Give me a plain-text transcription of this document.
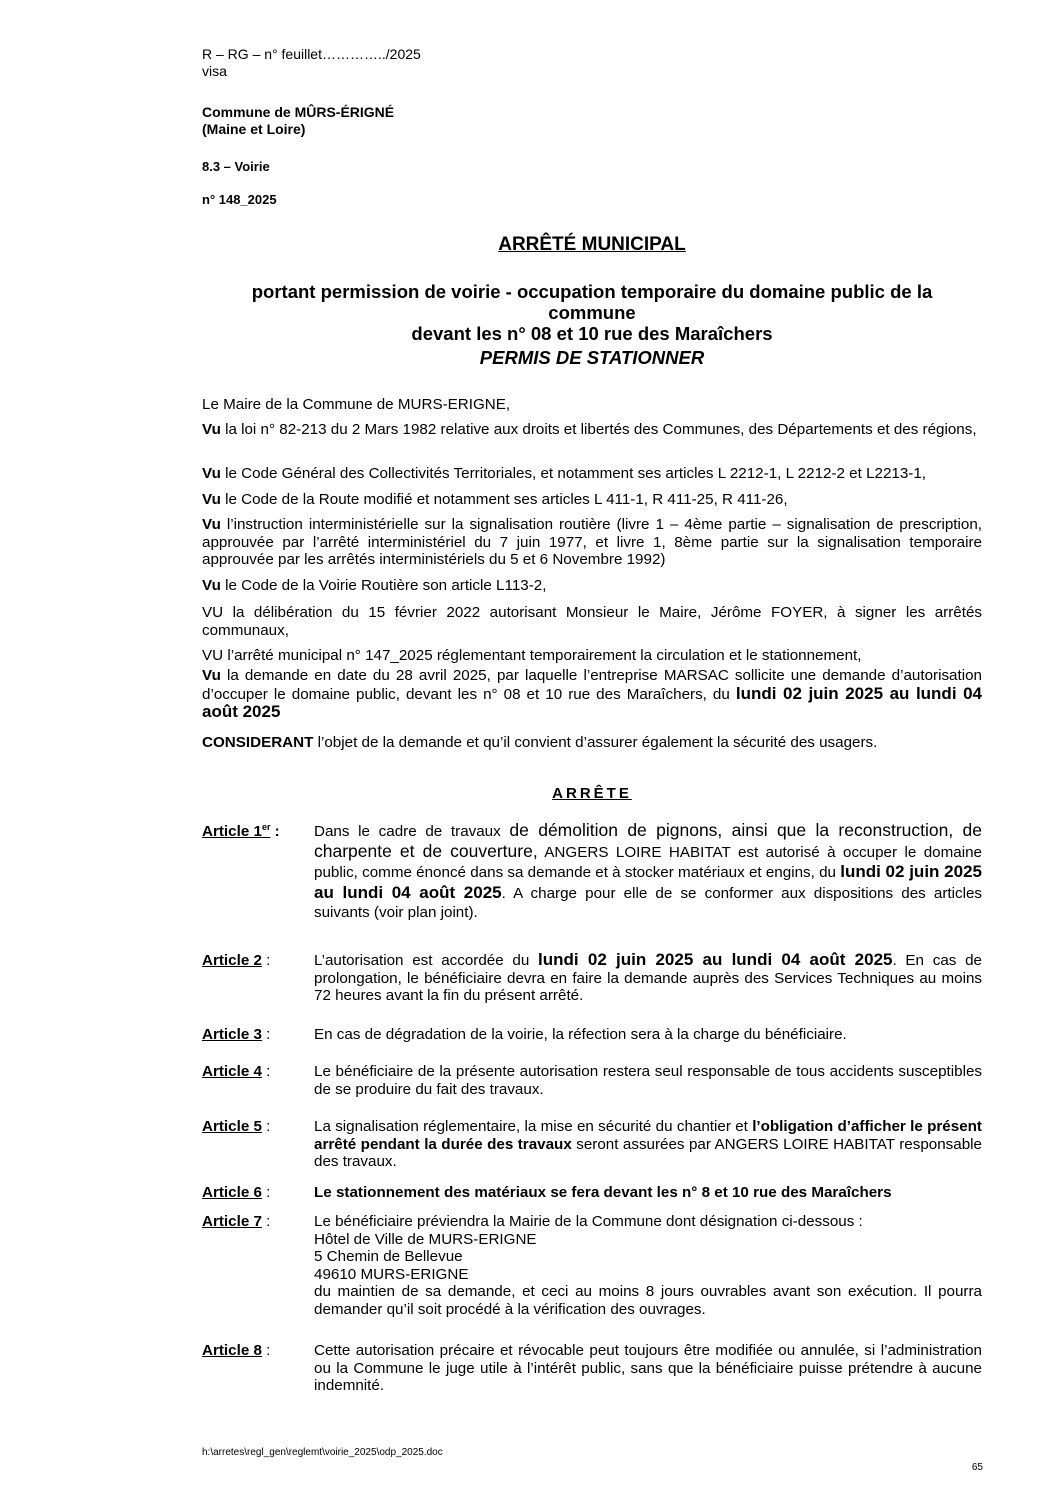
R – RG – n° feuillet…………../2025
visa
Commune de MÛRS-ÉRIGNÉ
(Maine et Loire)
8.3 – Voirie
n° 148_2025
ARRÊTÉ MUNICIPAL
portant permission de voirie - occupation temporaire du domaine public de la
commune
devant les n° 08 et 10 rue des Maraîchers
PERMIS DE STATIONNER
Le Maire de la Commune de MURS-ERIGNE,
Vu la loi n° 82-213 du 2 Mars 1982 relative aux droits et libertés des Communes, des Départements et des régions,
Vu le Code Général des Collectivités Territoriales, et notamment ses articles L 2212-1, L 2212-2 et L2213-1,
Vu le Code de la Route modifié et notamment ses articles L 411-1, R 411-25, R 411-26,
Vu l’instruction interministérielle sur la signalisation routière (livre 1 – 4ème partie – signalisation de prescription, approuvée par l’arrêté interministériel du 7 juin 1977, et livre 1, 8ème partie sur la signalisation temporaire approuvée par les arrêtés interministériels du 5 et 6 Novembre 1992)
Vu le Code de la Voirie Routière son article L113-2,
VU la délibération du 15 février 2022 autorisant Monsieur le Maire, Jérôme FOYER, à signer les arrêtés communaux,
VU l’arrêté municipal n° 147_2025 réglementant temporairement la circulation et le stationnement,
Vu la demande en date du 28 avril 2025, par laquelle l’entreprise MARSAC sollicite une demande d’autorisation d’occuper le domaine public, devant les n° 08 et 10 rue des Maraîchers, du lundi 02 juin 2025 au lundi 04 août 2025
CONSIDERANT l’objet de la demande et qu’il convient d’assurer également la sécurité des usagers.
ARRÊTE
Article 1er : Dans le cadre de travaux de démolition de pignons, ainsi que la reconstruction, de charpente et de couverture, ANGERS LOIRE HABITAT est autorisé à occuper le domaine public, comme énoncé dans sa demande et à stocker matériaux et engins, du lundi 02 juin 2025 au lundi 04 août 2025. A charge pour elle de se conformer aux dispositions des articles suivants (voir plan joint).
Article 2 :	L’autorisation est accordée du lundi 02 juin 2025 au lundi 04 août 2025. En cas de prolongation, le bénéficiaire devra en faire la demande auprès des Services Techniques au moins 72 heures avant la fin du présent arrêté.
Article 3 :	En cas de dégradation de la voirie, la réfection sera à la charge du bénéficiaire.
Article 4 :	Le bénéficiaire de la présente autorisation restera seul responsable de tous accidents susceptibles de se produire du fait des travaux.
Article 5 :	La signalisation réglementaire, la mise en sécurité du chantier et l’obligation d’afficher le présent arrêté pendant la durée des travaux seront assurées par ANGERS LOIRE HABITAT responsable des travaux.
Article 6 :	Le stationnement des matériaux se fera devant les n° 8 et 10 rue des Maraîchers
Article 7 :	Le bénéficiaire préviendra la Mairie de la Commune dont désignation ci-dessous :
Hôtel de Ville de MURS-ERIGNE
5 Chemin de Bellevue
49610 MURS-ERIGNE
du maintien de sa demande, et ceci au moins 8 jours ouvrables avant son exécution. Il pourra demander qu’il soit procédé à la vérification des ouvrages.
Article 8 :	Cette autorisation précaire et révocable peut toujours être modifiée ou annulée, si l’administration ou la Commune le juge utile à l’intérêt public, sans que la bénéficiaire puisse prétendre à aucune indemnité.
h:\arretes\regl_gen\reglemt\voirie_2025\odp_2025.doc
65
